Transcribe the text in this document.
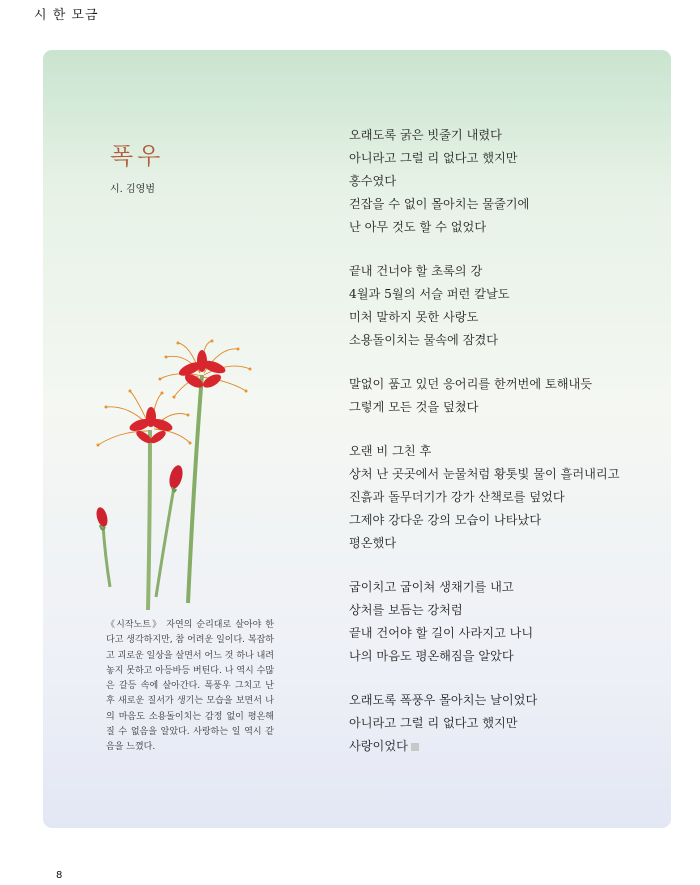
시 한 모금
폭우
시. 김영범
《시작노트》 자연의 순리대로 살아야 한다고 생각하지만, 참 어려운 일이다. 복잡하고 괴로운 일상을 살면서 어느 것 하나 내려놓지 못하고 아등바등 버틴다. 나 역시 수많은 갈등 속에 살아간다. 폭풍우 그치고 난 후 새로운 질서가 생기는 모습을 보면서 나의 마음도 소용돌이치는 감정 없이 평온해질 수 없음을 알았다. 사랑하는 일 역시 같음을 느꼈다.
오래도록 굵은 빗줄기 내렸다
아니라고 그럴 리 없다고 했지만
홍수였다
걷잡을 수 없이 몰아치는 물줄기에
난 아무 것도 할 수 없었다
끝내 건너야 할 초록의 강
4월과 5월의 서슬 퍼런 칼날도
미처 말하지 못한 사랑도
소용돌이치는 물속에 잠겼다
말없이 품고 있던 응어리를 한꺼번에 토해내듯
그렇게 모든 것을 덮쳤다
오랜 비 그친 후
상처 난 곳곳에서 눈물처럼 황톳빛 물이 흘러내리고
진흙과 돌무더기가 강가 산책로를 덮었다
그제야 강다운 강의 모습이 나타났다
평온했다
굽이치고 굽이쳐 생채기를 내고
상처를 보듬는 강처럼
끝내 건어야 할 길이 사라지고 나니
나의 마음도 평온해짐을 알았다
오래도록 폭풍우 몰아치는 날이었다
아니라고 그럴 리 없다고 했지만
사랑이었다
8
